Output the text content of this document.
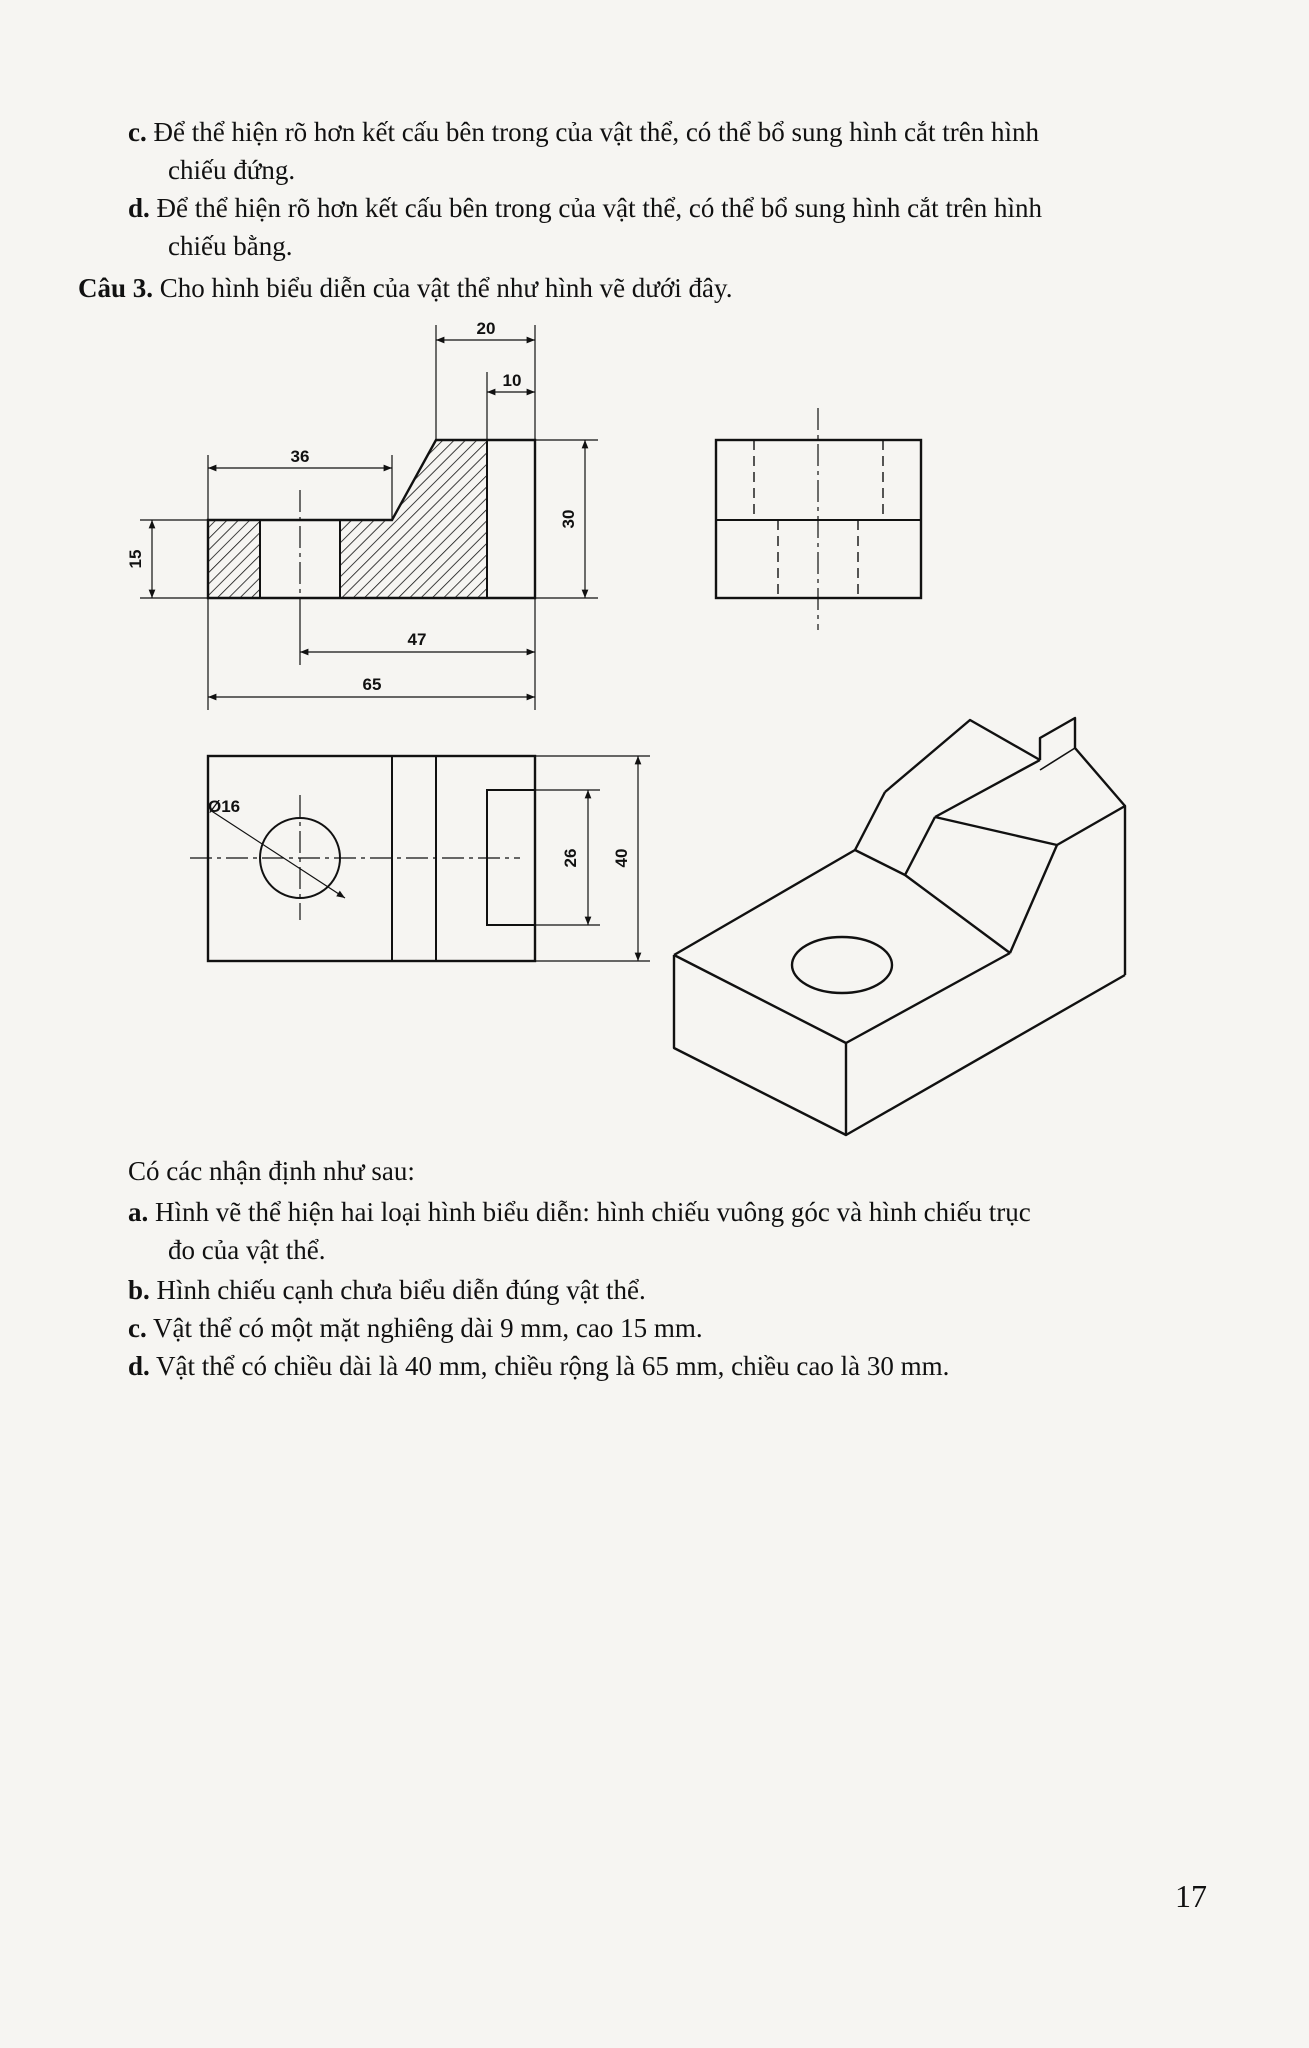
c. Để thể hiện rõ hơn kết cấu bên trong của vật thể, có thể bổ sung hình cắt trên hình
chiếu đứng.
d. Để thể hiện rõ hơn kết cấu bên trong của vật thể, có thể bổ sung hình cắt trên hình
chiếu bằng.
Câu 3. Cho hình biểu diễn của vật thể như hình vẽ dưới đây.
20
10
36
30
15
47
65
Ø16
26 40
Có các nhận định như sau:
a. Hình vẽ thể hiện hai loại hình biểu diễn: hình chiếu vuông góc và hình chiếu trục
đo của vật thể.
b. Hình chiếu cạnh chưa biểu diễn đúng vật thể.
c. Vật thể có một mặt nghiêng dài 9 mm, cao 15 mm.
d. Vật thể có chiều dài là 40 mm, chiều rộng là 65 mm, chiều cao là 30 mm.
17
